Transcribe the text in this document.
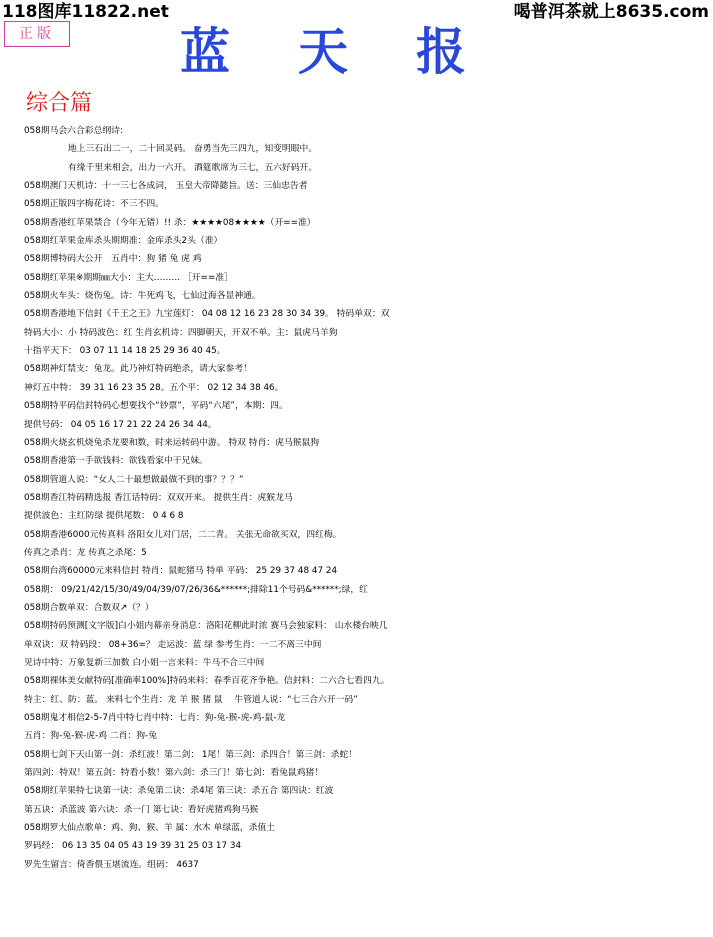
118图库11822.net	喝普洱茶就上8635.com
正版	蓝天报
综合篇
058期马会六合彩总纲诗:
地上三石出二一，二十回灵码。 奋勇当先三四九，知变明眼中。
有缘千里来相会，出力一六开。 酒筵歌席为三七，五六好码开。
058期澳门天机诗：十一三七各成词， 玉皇大帝降懿旨。送：三仙忠告者
058期正版四字梅花诗：不三不四。
058期香港红苹果禁合（今年无错）!! 杀：★★★★08★★★★（开==准）
058期红苹果金库杀头期期准：金库杀头2头（准）
058期博特码大公开　五肖中：狗 猪 兔 虎 鸡
058期红苹果※期期㎜大小：主大……… ［开==准］
058期火车头：烧伤兔。诗：牛死鸡飞，七仙过海各显神通。
058期香港地下信封《千王之王》九宝莲灯： 04 08 12 16 23 28 30 34 39。 特码单双：双
特码大小：小 特码波色：红 生肖玄机诗：四脚朝天，开双不单。主：鼠虎马羊狗
十指平天下： 03 07 11 14 18 25 29 36 40 45。
058期神灯禁支：兔龙。此乃神灯特码绝杀，请大家参考！
神灯五中特： 39 31 16 23 35 28。五个平： 02 12 34 38 46。
058期特平码信封特码心想要找个“钞票”，平码“六尾”，本期：四。
提供号码： 04 05 16 17 21 22 24 26 34 44。
058期火烧玄机烧兔杀龙要和数，时来运转码中游。 特双 特肖：虎马猴鼠狗
058期香港第一手欲钱料：欲钱看家中干兄妹。
058期管道人说：“女人二十最想做最做不到的事？？？”
058期香江特码精选报 香江话特码：双双开来。 提供生肖：虎猴龙马
提供波色：主红防绿 提供尾数： 0 4 6 8
058期香港6000元传真料 洛阳女儿对门居，二二青。 关张无命欲买双，四红梅。
传真之杀肖：龙 传真之杀尾：5
058期台湾60000元来料信封 特肖：鼠蛇猪马 特单 平码： 25 29 37 48 47 24
058期： 09/21/42/15/30/49/04/39/07/26/36&******;排除11个号码&******;绿，红
058期合数单双：合数双↗（？）
058期特码预测[文字版]白小姐内幕亲身消息：洛阳花柳此时浓 赛马会独家料： 山水楼台映几
单双诀：双 特码段： 08+36=？ 走运波：蓝 绿 参考生肖：一二不离三中间
见诗中特：万象复新三加数 白小姐一言来料：牛马不合三中间
058期裸体美女献特码[准确率100%]特码来料：春季百花齐争艳。信封料：二六合七看四九。
特主：红、防：蓝。 来料七个生肖：龙 羊 猴 猪 鼠 　牛管道人说：“七三合六开一码”
058期鬼才相信2-5-7肖中特七肖中特：七肖：狗-兔-猴-虎-鸡-鼠-龙
五肖：狗-兔-猴-虎-鸡 二肖：狗-兔
058期七剑下天山第一剑：杀红波！第二剑： 1尾！第三剑：杀四合！第三剑：杀蛇！
第四剑：特双！第五剑：特看小数！第六剑：杀三门！第七剑：看兔鼠鸡猪！
058期红苹果特七诀第一诀：杀兔第二诀：杀4尾 第三诀：杀五合 第四诀：红波
第五诀：杀蓝波 第六诀：杀一门 第七诀：看好虎猪鸡狗马猴
058期罗大仙点歌单：鸡、狗、猴、羊 属：水木 单绿蓝，杀值土
罗码经： 06 13 35 04 05 43 19 39 31 25 03 17 34
罗先生留言：倚香偎玉堪流连。组码： 4637
